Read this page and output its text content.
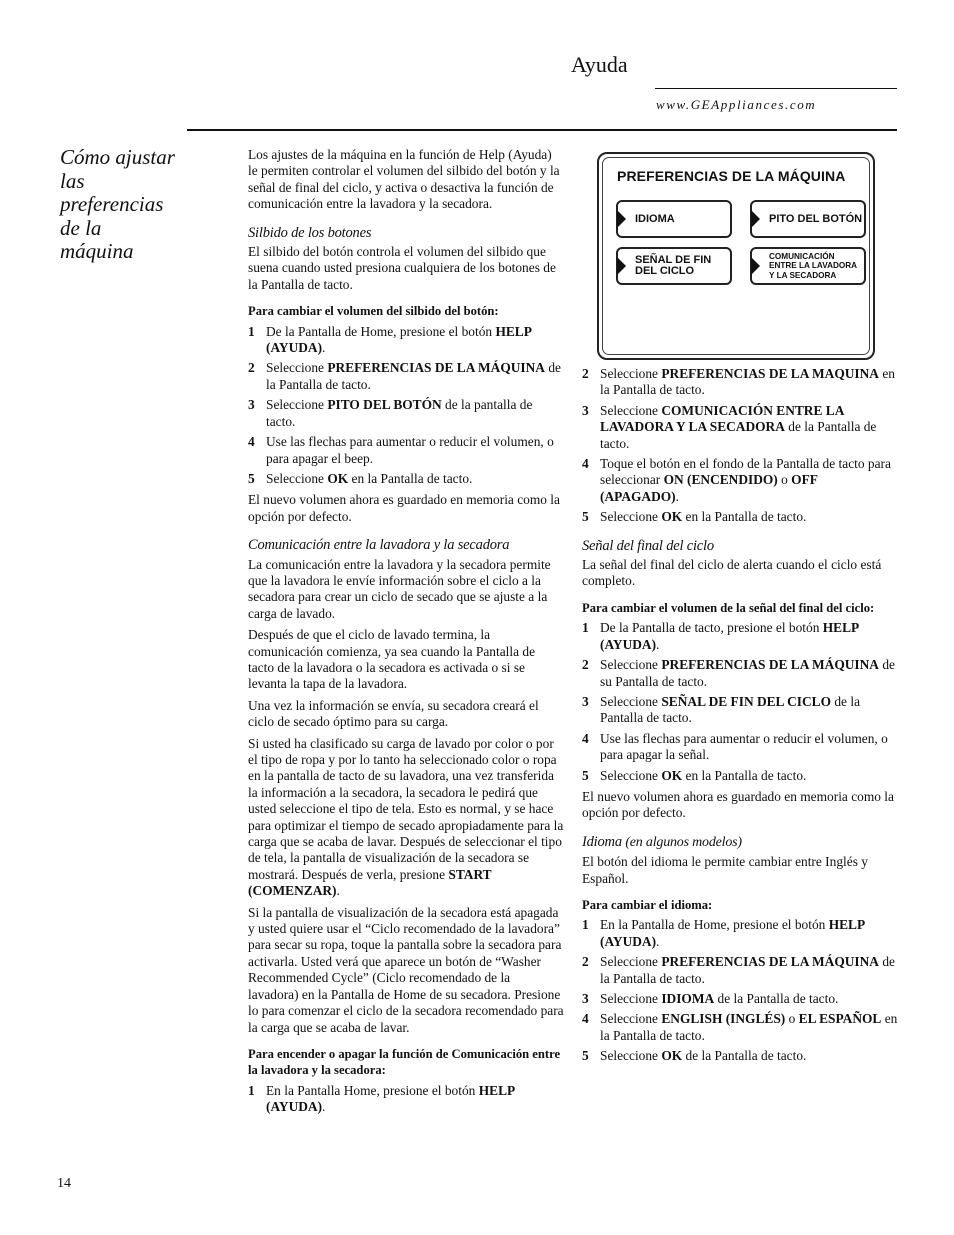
Ayuda
www.GEAppliances.com
Cómo ajustar las preferencias de la máquina

Los ajustes de la máquina en la función de Help (Ayuda) le permiten controlar el volumen del silbido del botón y la señal de final del ciclo, y activa o desactiva la función de comunicación entre la lavadora y la secadora.

Silbido de los botones

El silbido del botón controla el volumen del silbido que suena cuando usted presiona cualquiera de los botones de la Pantalla de tacto.

Para cambiar el volumen del silbido del botón:

1 De la Pantalla de Home, presione el botón HELP (AYUDA).
2 Seleccione PREFERENCIAS DE LA MÁQUINA de la Pantalla de tacto.
3 Seleccione PITO DEL BOTÓN de la pantalla de tacto.
4 Use las flechas para aumentar o reducir el volumen, o para apagar el beep.
5 Seleccione OK en la Pantalla de tacto.

El nuevo volumen ahora es guardado en memoria como la opción por defecto.

Comunicación entre la lavadora y la secadora

La comunicación entre la lavadora y la secadora permite que la lavadora le envíe información sobre el ciclo a la secadora para crear un ciclo de secado que se ajuste a la carga de lavado.

Después de que el ciclo de lavado termina, la comunicación comienza, ya sea cuando la Pantalla de tacto de la lavadora o la secadora es activada o si se levanta la tapa de la lavadora.

Una vez la información se envía, su secadora creará el ciclo de secado óptimo para su carga.

Si usted ha clasificado su carga de lavado por color o por el tipo de ropa y por lo tanto ha seleccionado color o ropa en la pantalla de tacto de su lavadora, una vez transferida la información a la secadora, la secadora le pedirá que usted seleccione el tipo de tela. Esto es normal, y se hace para optimizar el tiempo de secado apropiadamente para la carga que se acaba de lavar. Después de seleccionar el tipo de tela, la pantalla de visualización de la secadora se mostrará. Después de verla, presione START (COMENZAR).

Si la pantalla de visualización de la secadora está apagada y usted quiere usar el “Ciclo recomendado de la lavadora” para secar su ropa, toque la pantalla sobre la secadora para activarla. Usted verá que aparece un botón de “Washer Recommended Cycle” (Ciclo recomendado de la lavadora) en la Pantalla de Home de su secadora. Presione lo para comenzar el ciclo de la secadora recomendado para la carga que se acaba de lavar.

Para encender o apagar la función de Comunicación entre la lavadora y la secadora:

1 En la Pantalla Home, presione el botón HELP (AYUDA).
PREFERENCIAS DE LA MÁQUINA
IDIOMA	PITO DEL BOTÓN
SEÑAL DE FIN
DEL CICLO
COMUNICACIÓN
ENTRE LA LAVADORA
Y LA SECADORA
2 Seleccione PREFERENCIAS DE LA MAQUINA en la Pantalla de tacto.
3 Seleccione COMUNICACIÓN ENTRE LA LAVADORA Y LA SECADORA de la Pantalla de tacto.
4 Toque el botón en el fondo de la Pantalla de tacto para seleccionar ON (ENCENDIDO) o OFF (APAGADO).
5 Seleccione OK en la Pantalla de tacto.
Señal del final del ciclo

La señal del final del ciclo de alerta cuando el ciclo está completo.

Para cambiar el volumen de la señal del final del ciclo:

1 De la Pantalla de tacto, presione el botón HELP (AYUDA).
2 Seleccione PREFERENCIAS DE LA MÁQUINA de su Pantalla de tacto.
3 Seleccione SEÑAL DE FIN DEL CICLO de la Pantalla de tacto.
4 Use las flechas para aumentar o reducir el volumen, o para apagar la señal.
5 Seleccione OK en la Pantalla de tacto.

El nuevo volumen ahora es guardado en memoria como la opción por defecto.

Idioma (en algunos modelos)

El botón del idioma le permite cambiar entre Inglés y Español.

Para cambiar el idioma:

1 En la Pantalla de Home, presione el botón HELP (AYUDA).
2 Seleccione PREFERENCIAS DE LA MÁQUINA de la Pantalla de tacto.
3 Seleccione IDIOMA de la Pantalla de tacto.
4 Seleccione ENGLISH (INGLÉS) o EL ESPAÑOL en la Pantalla de tacto.
5 Seleccione OK de la Pantalla de tacto.
14
